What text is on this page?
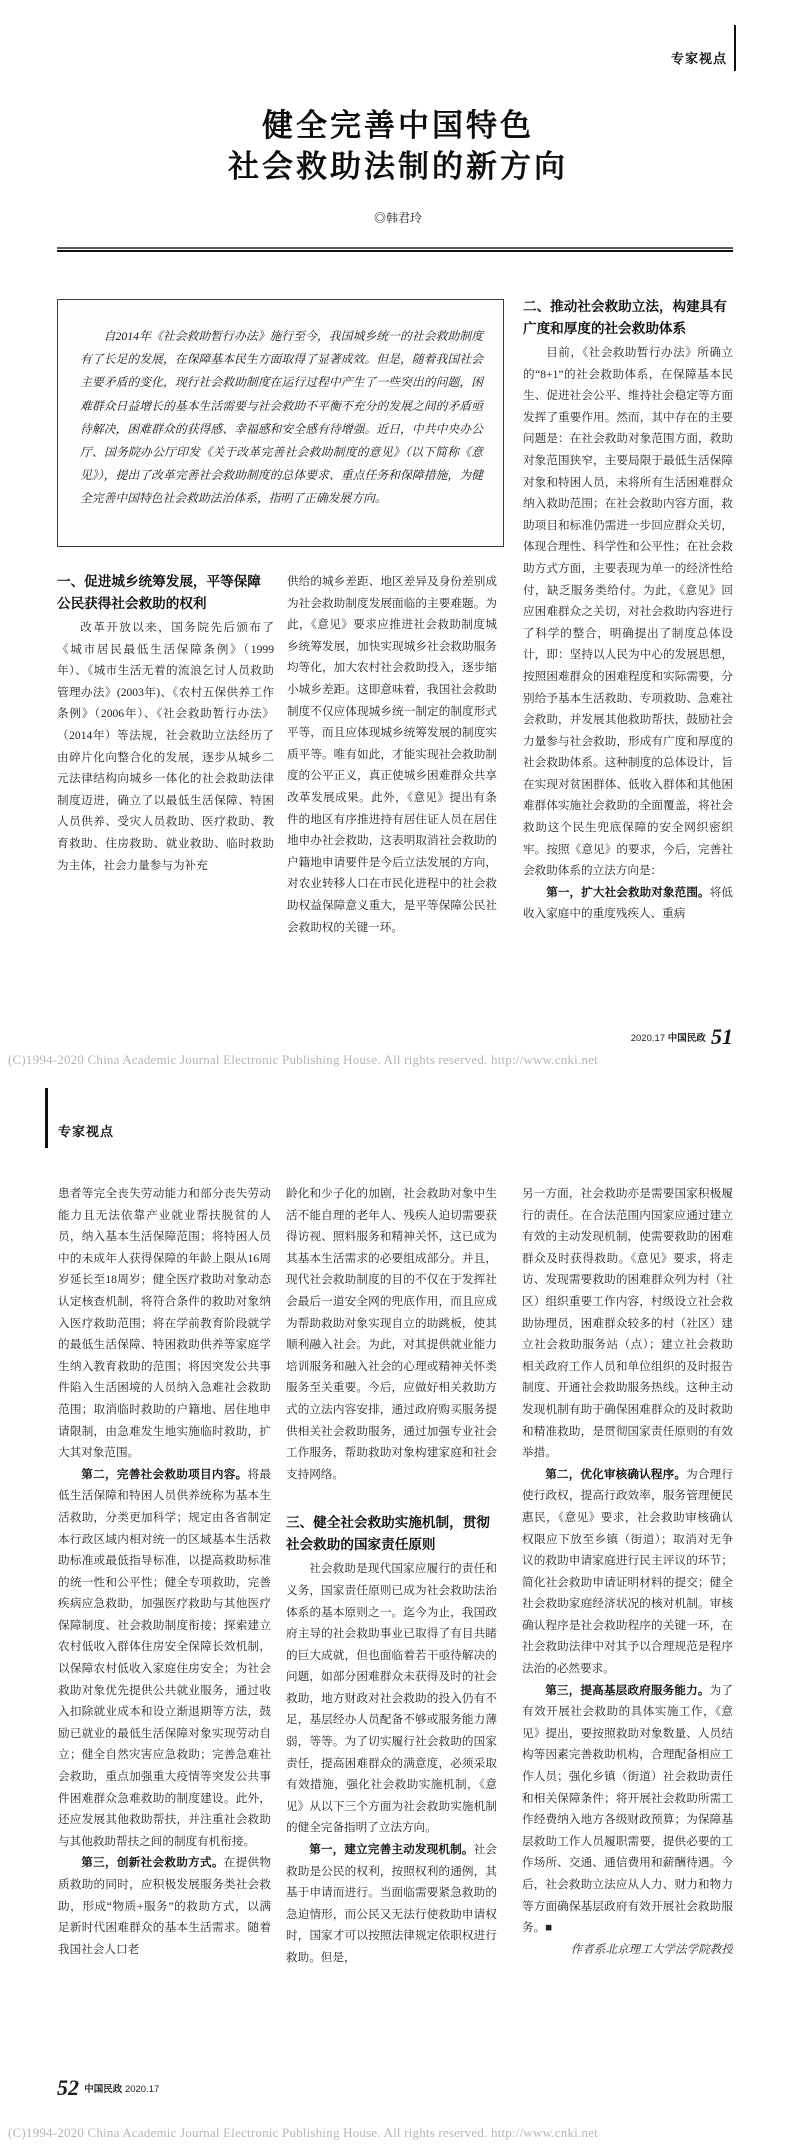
专家视点
健全完善中国特色
社会救助法制的新方向
◎韩君玲

自2014年《社会救助暂行办法》施行至今，我国城乡统一的社会救助制度有了长足的发展，在保障基本民生方面取得了显著成效。但是，随着我国社会主要矛盾的变化，现行社会救助制度在运行过程中产生了一些突出的问题，困难群众日益增长的基本生活需要与社会救助不平衡不充分的发展之间的矛盾亟待解决，困难群众的获得感、幸福感和安全感有待增强。近日，中共中央办公厅、国务院办公厅印发《关于改革完善社会救助制度的意见》（以下简称《意见》），提出了改革完善社会救助制度的总体要求、重点任务和保障措施，为健全完善中国特色社会救助法治体系，指明了正确发展方向。

一、促进城乡统筹发展，平等保障公民获得社会救助的权利

改革开放以来，国务院先后颁布了《城市居民最低生活保障条例》（1999年）、《城市生活无着的流浪乞讨人员救助管理办法》(2003年)、《农村五保供养工作条例》（2006年）、《社会救助暂行办法》（2014年）等法规，社会救助立法经历了由碎片化向整合化的发展，逐步从城乡二元法律结构向城乡一体化的社会救助法律制度迈进，确立了以最低生活保障、特困人员供养、受灾人员救助、医疗救助、教育救助、住房救助、就业救助、临时救助为主体，社会力量参与为补充

供给的城乡差距、地区差异及身份差别成为社会救助制度发展面临的主要难题。为此，《意见》要求应推进社会救助制度城乡统筹发展，加快实现城乡社会救助服务均等化，加大农村社会救助投入，逐步缩小城乡差距。这即意味着，我国社会救助制度不仅应体现城乡统一制定的制度形式平等，而且应体现城乡统筹发展的制度实质平等。唯有如此，才能实现社会救助制度的公平正义，真正使城乡困难群众共享改革发展成果。此外，《意见》提出有条件的地区有序推进持有居住证人员在居住地申办社会救助，这表明取消社会救助的户籍地申请要件是今后立法发展的方向，对农业转移人口在市民化进程中的社会救助权益保障意义重大，是平等保障公民社会救助权的关键一环。

二、推动社会救助立法，构建具有广度和厚度的社会救助体系

目前，《社会救助暂行办法》所确立的“8+1”的社会救助体系，在保障基本民生、促进社会公平、维持社会稳定等方面发挥了重要作用。然而，其中存在的主要问题是：在社会救助对象范围方面，救助对象范围狭窄，主要局限于最低生活保障对象和特困人员，未将所有生活困难群众纳入救助范围；在社会救助内容方面，救助项目和标准仍需进一步回应群众关切，体现合理性、科学性和公平性；在社会救助方式方面，主要表现为单一的经济性给付，缺乏服务类给付。为此，《意见》回应困难群众之关切，对社会救助内容进行了科学的整合，明确提出了制度总体设计，即：坚持以人民为中心的发展思想，按照困难群众的困难程度和实际需要，分别给予基本生活救助、专项救助、急难社会救助，并发展其他救助帮扶，鼓励社会力量参与社会救助，形成有广度和厚度的社会救助体系。这种制度的总体设计，旨在实现对贫困群体、低收入群体和其他困难群体实施社会救助的全面覆盖，将社会救助这个民生兜底保障的安全网织密织牢。按照《意见》的要求，今后，完善社会救助体系的立法方向是：

第一，扩大社会救助对象范围。将低收入家庭中的重度残疾人、重病

2020.17 中国民政 51
(C)1994-2020 China Academic Journal Electronic Publishing House. All rights reserved. http://www.cnki.net
专家视点

患者等完全丧失劳动能力和部分丧失劳动能力且无法依靠产业就业帮扶脱贫的人员，纳入基本生活保障范围；将特困人员中的未成年人获得保障的年龄上限从16周岁延长至18周岁；健全医疗救助对象动态认定核查机制，将符合条件的救助对象纳入医疗救助范围；将在学前教育阶段就学的最低生活保障、特困救助供养等家庭学生纳入教育救助的范围；将因突发公共事件陷入生活困境的人员纳入急难社会救助范围；取消临时救助的户籍地、居住地申请限制，由急难发生地实施临时救助，扩大其对象范围。

第二，完善社会救助项目内容。将最低生活保障和特困人员供养统称为基本生活救助，分类更加科学；规定由各省制定本行政区域内相对统一的区域基本生活救助标准或最低指导标准，以提高救助标准的统一性和公平性；健全专项救助，完善疾病应急救助，加强医疗救助与其他医疗保障制度、社会救助制度衔接；探索建立农村低收入群体住房安全保障长效机制，以保障农村低收入家庭住房安全；为社会救助对象优先提供公共就业服务，通过收入扣除就业成本和设立渐退期等方法，鼓励已就业的最低生活保障对象实现劳动自立；健全自然灾害应急救助；完善急难社会救助，重点加强重大疫情等突发公共事件困难群众急难救助的制度建设。此外，还应发展其他救助帮扶，并注重社会救助与其他救助帮扶之间的制度有机衔接。

第三，创新社会救助方式。在提供物质救助的同时，应积极发展服务类社会救助，形成“物质+服务”的救助方式，以满足新时代困难群众的基本生活需求。随着我国社会人口老

龄化和少子化的加剧，社会救助对象中生活不能自理的老年人、残疾人迫切需要获得访视、照料服务和精神关怀，这已成为其基本生活需求的必要组成部分。并且，现代社会救助制度的目的不仅在于发挥社会最后一道安全网的兜底作用，而且应成为帮助救助对象实现自立的助跳板，使其顺利融入社会。为此，对其提供就业能力培训服务和融入社会的心理或精神关怀类服务至关重要。今后，应做好相关救助方式的立法内容安排，通过政府购买服务提供相关社会救助服务，通过加强专业社会工作服务，帮助救助对象构建家庭和社会支持网络。

三、健全社会救助实施机制，贯彻社会救助的国家责任原则

社会救助是现代国家应履行的责任和义务，国家责任原则已成为社会救助法治体系的基本原则之一。迄今为止，我国政府主导的社会救助事业已取得了有目共睹的巨大成就，但也面临着若干亟待解决的问题，如部分困难群众未获得及时的社会救助，地方财政对社会救助的投入仍有不足，基层经办人员配备不够或服务能力薄弱，等等。为了切实履行社会救助的国家责任，提高困难群众的满意度，必须采取有效措施，强化社会救助实施机制，《意见》从以下三个方面为社会救助实施机制的健全完备指明了立法方向。

第一，建立完善主动发现机制。社会救助是公民的权利，按照权利的通例，其基于申请而进行。当面临需要紧急救助的急迫情形，而公民又无法行使救助申请权时，国家才可以按照法律规定依职权进行救助。但是，

另一方面，社会救助亦是需要国家积极履行的责任。在合法范围内国家应通过建立有效的主动发现机制，使需要救助的困难群众及时获得救助。《意见》要求，将走访、发现需要救助的困难群众列为村（社区）组织重要工作内容，村级设立社会救助协理员，困难群众较多的村（社区）建立社会救助服务站（点）；建立社会救助相关政府工作人员和单位组织的及时报告制度、开通社会救助服务热线。这种主动发现机制有助于确保困难群众的及时救助和精准救助，是贯彻国家责任原则的有效举措。

第二，优化审核确认程序。为合理行使行政权，提高行政效率，服务管理便民惠民，《意见》要求，社会救助审核确认权限应下放至乡镇（街道）；取消对无争议的救助申请家庭进行民主评议的环节；简化社会救助申请证明材料的提交；健全社会救助家庭经济状况的核对机制。审核确认程序是社会救助程序的关键一环，在社会救助法律中对其予以合理规范是程序法治的必然要求。

第三，提高基层政府服务能力。为了有效开展社会救助的具体实施工作，《意见》提出，要按照救助对象数量、人员结构等因素完善救助机构，合理配备相应工作人员；强化乡镇（街道）社会救助责任和相关保障条件；将开展社会救助所需工作经费纳入地方各级财政预算；为保障基层救助工作人员履职需要，提供必要的工作场所、交通、通信费用和薪酬待遇。今后，社会救助立法应从人力、财力和物力等方面确保基层政府有效开展社会救助服务。■

作者系北京理工大学法学院教授

52 中国民政 2020.17
(C)1994-2020 China Academic Journal Electronic Publishing House. All rights reserved. http://www.cnki.net
